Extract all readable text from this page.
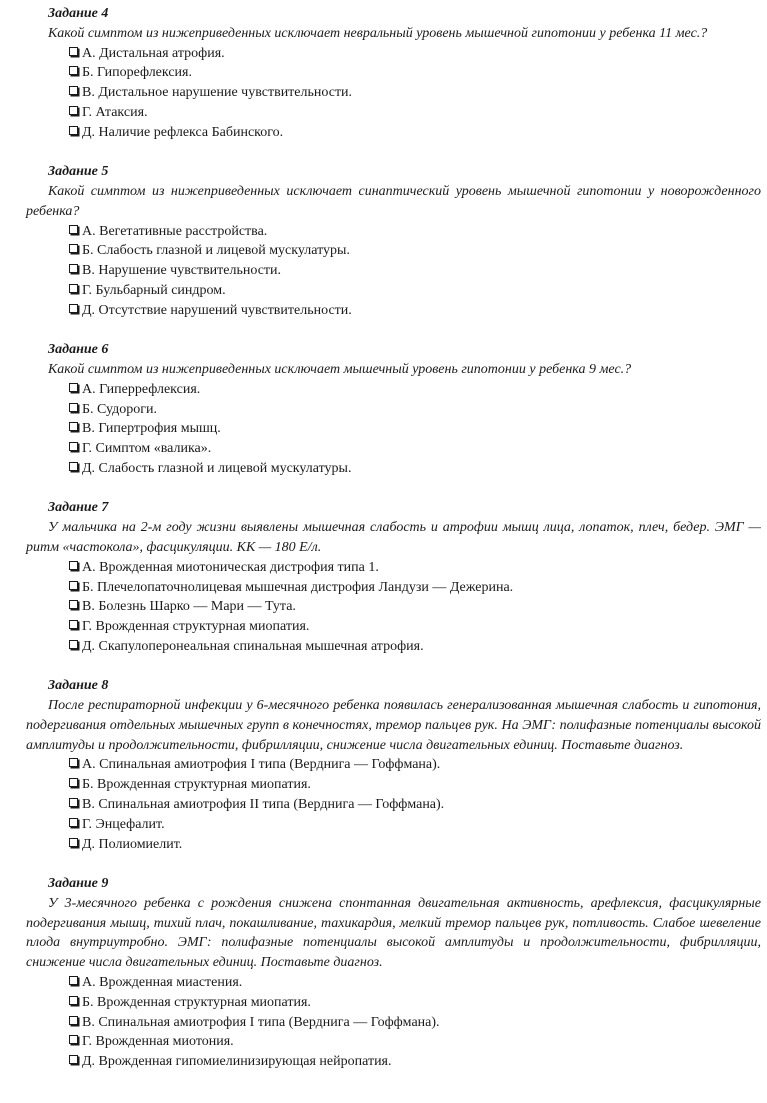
Задание 4
Какой симптом из нижеприведенных исключает невральный уровень мышечной гипотонии у ребенка 11 мес.?
А. Дистальная атрофия.
Б. Гипорефлексия.
В. Дистальное нарушение чувствительности.
Г. Атаксия.
Д. Наличие рефлекса Бабинского.
Задание 5
Какой симптом из нижеприведенных исключает синаптический уровень мышечной гипотонии у новорожденного ребенка?
А. Вегетативные расстройства.
Б. Слабость глазной и лицевой мускулатуры.
В. Нарушение чувствительности.
Г. Бульбарный синдром.
Д. Отсутствие нарушений чувствительности.
Задание 6
Какой симптом из нижеприведенных исключает мышечный уровень гипотонии у ребенка 9 мес.?
А. Гиперрефлексия.
Б. Судороги.
В. Гипертрофия мышц.
Г. Симптом «валика».
Д. Слабость глазной и лицевой мускулатуры.
Задание 7
У мальчика на 2-м году жизни выявлены мышечная слабость и атрофии мышц лица, лопаток, плеч, бедер. ЭМГ — ритм «частокола», фасцикуляции. КК — 180 Е/л.
А. Врожденная миотоническая дистрофия типа 1.
Б. Плечелопаточнолицевая мышечная дистрофия Ландузи — Дежерина.
В. Болезнь Шарко — Мари — Тута.
Г. Врожденная структурная миопатия.
Д. Скапулоперонеальная спинальная мышечная атрофия.
Задание 8
После респираторной инфекции у 6-месячного ребенка появилась генерализованная мышечная слабость и гипотония, подергивания отдельных мышечных групп в конечностях, тремор пальцев рук. На ЭМГ: полифазные потенциалы высокой амплитуды и продолжительности, фибрилляции, снижение числа двигательных единиц. Поставьте диагноз.
А. Спинальная амиотрофия I типа (Верднига — Гоффмана).
Б. Врожденная структурная миопатия.
В. Спинальная амиотрофия II типа (Верднига — Гоффмана).
Г. Энцефалит.
Д. Полиомиелит.
Задание 9
У 3-месячного ребенка с рождения снижена спонтанная двигательная активность, арефлексия, фасцикулярные подергивания мышц, тихий плач, покашливание, тахикардия, мелкий тремор пальцев рук, потливость. Слабое шевеление плода внутриутробно. ЭМГ: полифазные потенциалы высокой амплитуды и продолжительности, фибрилляции, снижение числа двигательных единиц. Поставьте диагноз.
А. Врожденная миастения.
Б. Врожденная структурная миопатия.
В. Спинальная амиотрофия I типа (Верднига — Гоффмана).
Г. Врожденная миотония.
Д. Врожденная гипомиелинизирующая нейропатия.
